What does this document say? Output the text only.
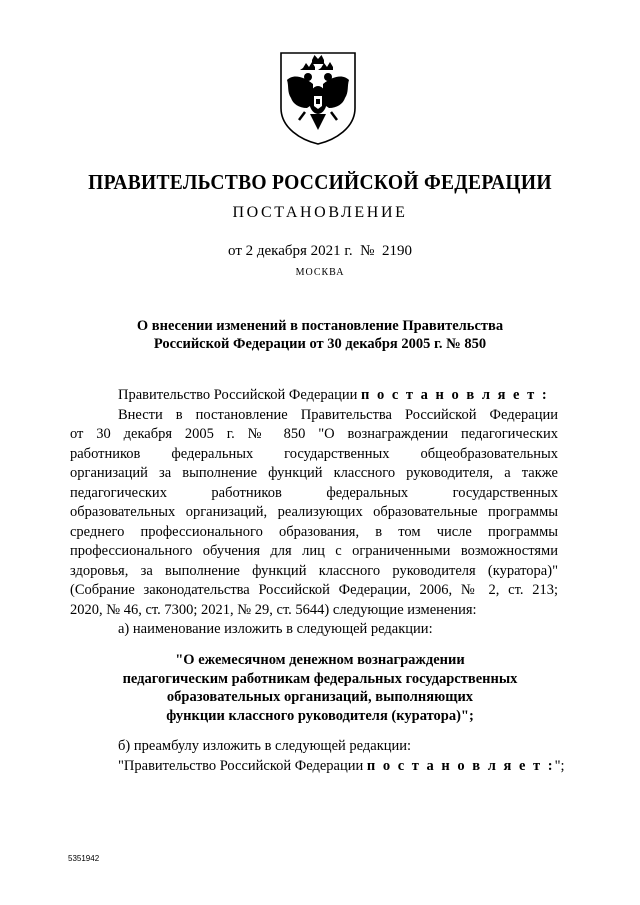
ПРАВИТЕЛЬСТВО РОССИЙСКОЙ ФЕДЕРАЦИИ
ПОСТАНОВЛЕНИЕ
от 2 декабря 2021 г.  №  2190
МОСКВА
О внесении изменений в постановление Правительства
Российской Федерации от 30 декабря 2005 г. № 850
Правительство Российской Федерации п о с т а н о в л я е т :
Внести в постановление Правительства Российской Федерации
от 30 декабря 2005 г. № 850 "О вознаграждении педагогических
работников федеральных государственных общеобразовательных
организаций за выполнение функций классного руководителя, а также
педагогических работников федеральных государственных
образовательных организаций, реализующих образовательные программы
среднего профессионального образования, в том числе программы
профессионального обучения для лиц с ограниченными возможностями
здоровья, за выполнение функций классного руководителя (куратора)"
(Собрание законодательства Российской Федерации, 2006, № 2, ст. 213;
2020, № 46, ст. 7300; 2021, № 29, ст. 5644) следующие изменения:
а) наименование изложить в следующей редакции:
"О ежемесячном денежном вознаграждении
педагогическим работникам федеральных государственных
образовательных организаций, выполняющих
функции классного руководителя (куратора)";
б) преамбулу изложить в следующей редакции:
"Правительство Российской Федерации п о с т а н о в л я е т :";
5351942
